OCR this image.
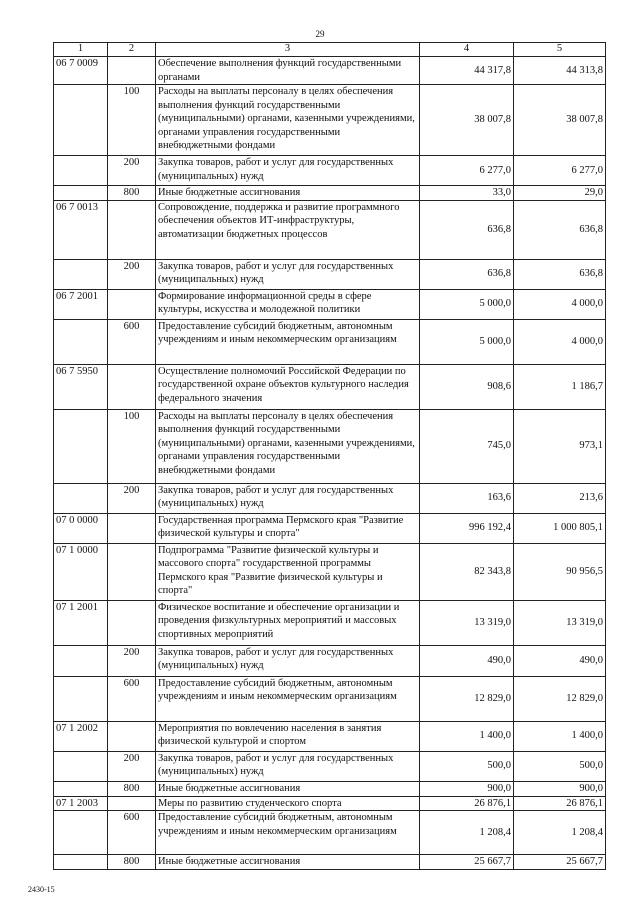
29
1	2	3	4	5
06 7 0009		Обеспечение выполнения функций государственными органами	44 317,8	44 313,8
	100	Расходы на выплаты персоналу в целях обеспечения выполнения функций государственными (муниципальными) органами, казенными учреждениями, органами управления государственными внебюджетными фондами	38 007,8	38 007,8
	200	Закупка товаров, работ и услуг для государственных (муниципальных) нужд	6 277,0	6 277,0
	800	Иные бюджетные ассигнования	33,0	29,0
06 7 0013		Сопровождение, поддержка и развитие программного обеспечения объектов ИТ-инфраструктуры, автоматизации бюджетных процессов	636,8	636,8
	200	Закупка товаров, работ и услуг для государственных (муниципальных) нужд	636,8	636,8
06 7 2001		Формирование информационной среды в сфере культуры, искусства и молодежной политики	5 000,0	4 000,0
	600	Предоставление субсидий бюджетным, автономным учреждениям и иным некоммерческим организациям	5 000,0	4 000,0
06 7 5950		Осуществление полномочий Российской Федерации по государственной охране объектов культурного наследия федерального значения	908,6	1 186,7
	100	Расходы на выплаты персоналу в целях обеспечения выполнения функций государственными (муниципальными) органами, казенными учреждениями, органами управления государственными внебюджетными фондами	745,0	973,1
	200	Закупка товаров, работ и услуг для государственных (муниципальных) нужд	163,6	213,6
07 0 0000		Государственная программа Пермского края "Развитие физической культуры и спорта"	996 192,4	1 000 805,1
07 1 0000		Подпрограмма "Развитие физической культуры и массового спорта" государственной программы Пермского края "Развитие физической культуры и спорта"	82 343,8	90 956,5
07 1 2001		Физическое воспитание и обеспечение организации и проведения физкультурных мероприятий и массовых спортивных мероприятий	13 319,0	13 319,0
	200	Закупка товаров, работ и услуг для государственных (муниципальных) нужд	490,0	490,0
	600	Предоставление субсидий бюджетным, автономным учреждениям и иным некоммерческим организациям	12 829,0	12 829,0
07 1 2002		Мероприятия по вовлечению населения в занятия физической культурой и спортом	1 400,0	1 400,0
	200	Закупка товаров, работ и услуг для государственных (муниципальных) нужд	500,0	500,0
	800	Иные бюджетные ассигнования	900,0	900,0
07 1 2003		Меры по развитию студенческого спорта	26 876,1	26 876,1
	600	Предоставление субсидий бюджетным, автономным учреждениям и иным некоммерческим организациям	1 208,4	1 208,4
	800	Иные бюджетные ассигнования	25 667,7	25 667,7
2430-15
